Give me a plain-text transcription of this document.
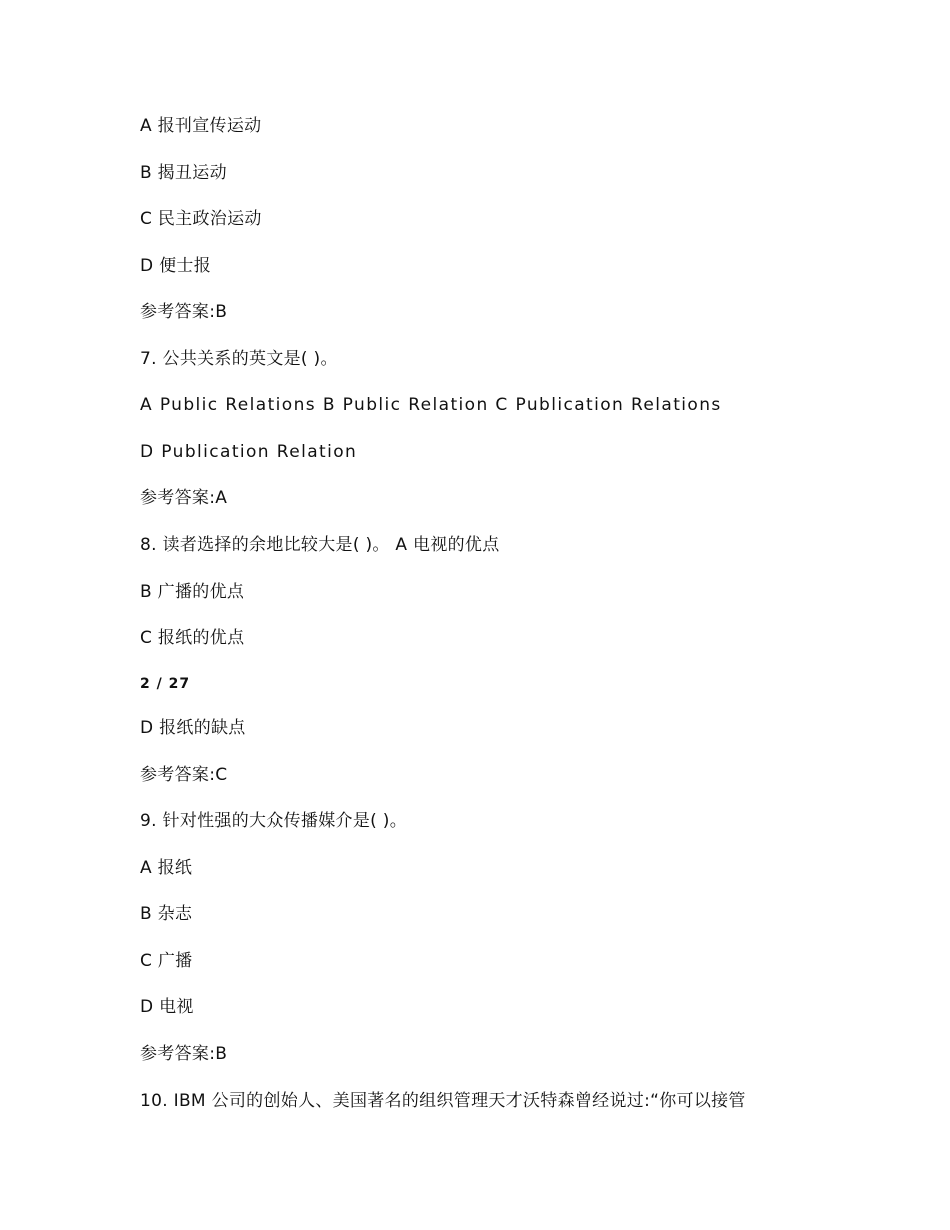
A 报刊宣传运动
B 揭丑运动
C 民主政治运动
D 便士报
参考答案:B
7. 公共关系的英文是( )。
A Public Relations B Public Relation C Publication Relations
D Publication Relation
参考答案:A
8. 读者选择的余地比较大是( )。 A 电视的优点
B 广播的优点
C 报纸的优点
2 / 27
D 报纸的缺点
参考答案:C
9. 针对性强的大众传播媒介是( )。
A 报纸
B 杂志
C 广播
D 电视
参考答案:B
10. IBM 公司的创始人、美国著名的组织管理天才沃特森曾经说过:“你可以接管
